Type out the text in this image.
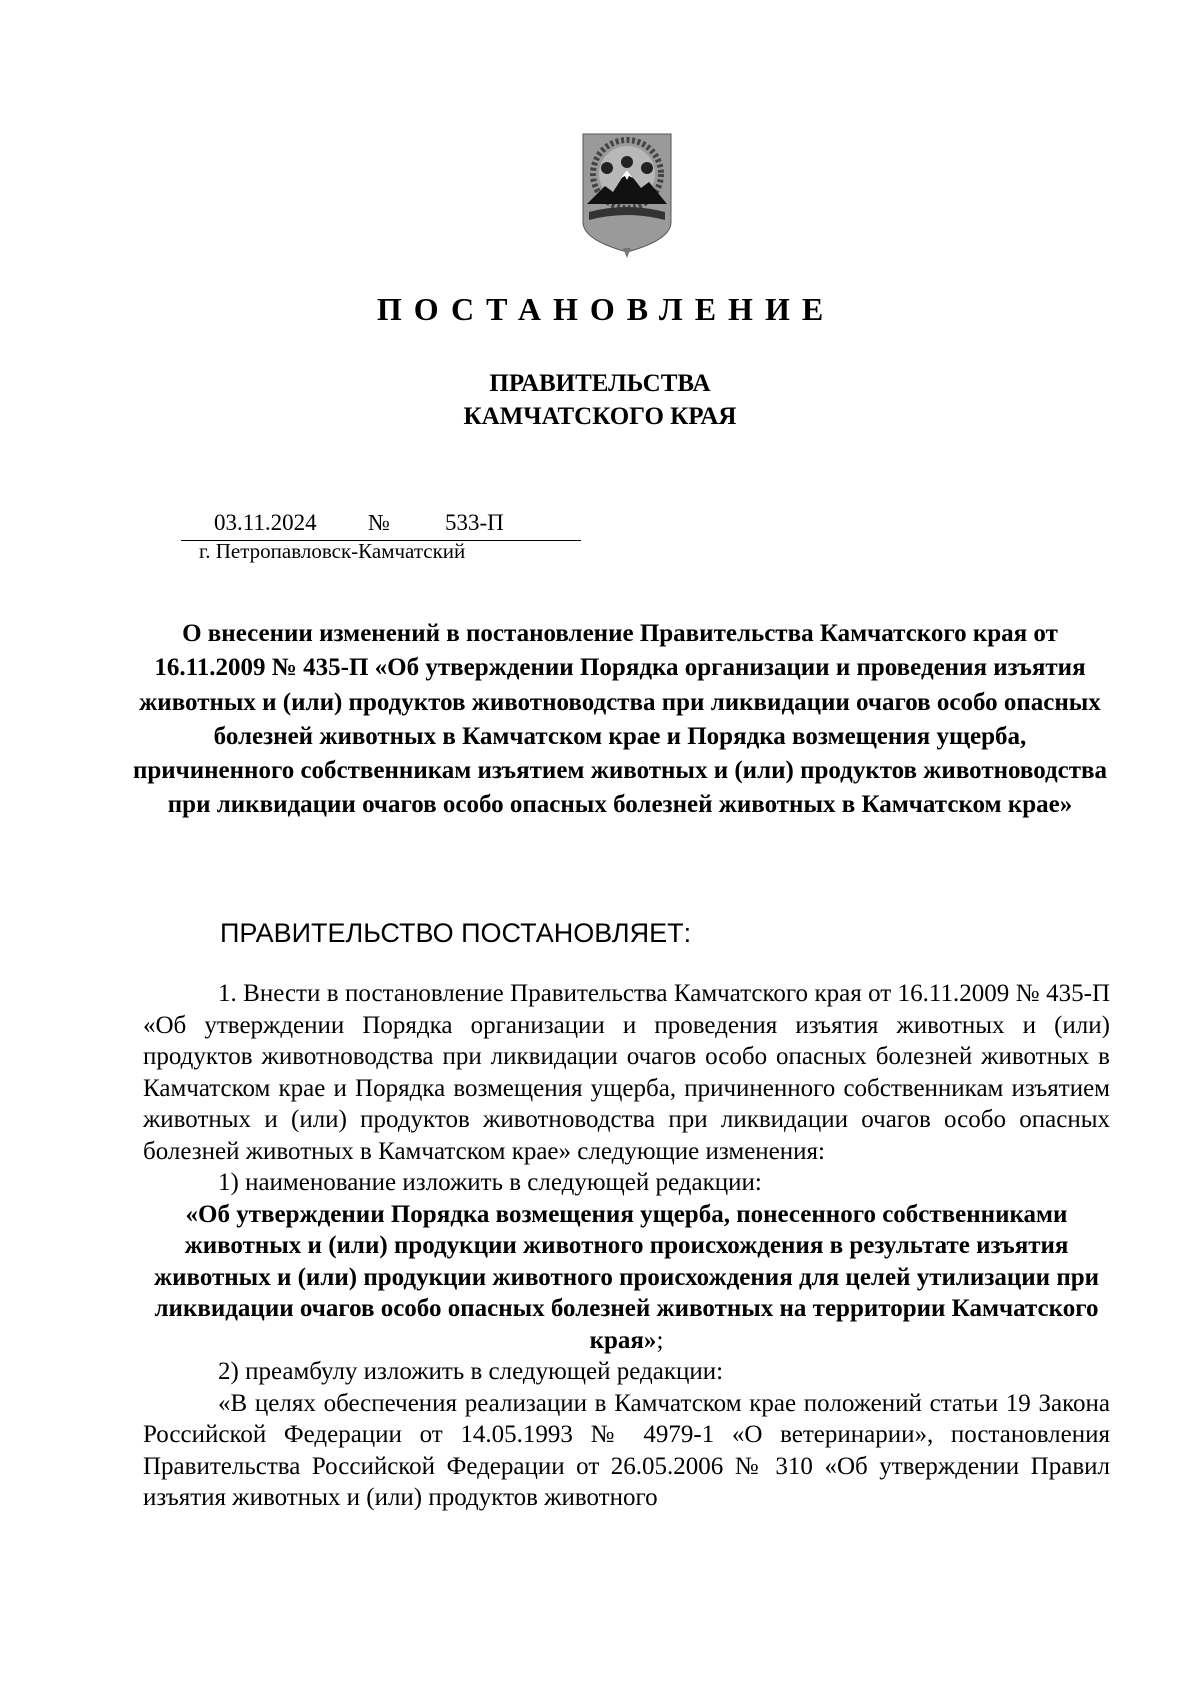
ПОСТАНОВЛЕНИЕ
ПРАВИТЕЛЬСТВА
КАМЧАТСКОГО КРАЯ
03.11.2024 № 533-П
г. Петропавловск-Камчатский
О внесении изменений в постановление Правительства Камчатского края от 16.11.2009 № 435-П «Об утверждении Порядка организации и проведения изъятия животных и (или) продуктов животноводства при ликвидации очагов особо опасных болезней животных в Камчатском крае и Порядка возмещения ущерба, причиненного собственникам изъятием животных и (или) продуктов животноводства при ликвидации очагов особо опасных болезней животных в Камчатском крае»
ПРАВИТЕЛЬСТВО ПОСТАНОВЛЯЕТ:

1. Внести в постановление Правительства Камчатского края от 16.11.2009 № 435-П «Об утверждении Порядка организации и проведения изъятия животных и (или) продуктов животноводства при ликвидации очагов особо опасных болезней животных в Камчатском крае и Порядка возмещения ущерба, причиненного собственникам изъятием животных и (или) продуктов животноводства при ликвидации очагов особо опасных болезней животных в Камчатском крае» следующие изменения:

1) наименование изложить в следующей редакции:

«Об утверждении Порядка возмещения ущерба, понесенного собственниками животных и (или) продукции животного происхождения в результате изъятия животных и (или) продукции животного происхождения для целей утилизации при ликвидации очагов особо опасных болезней животных на территории Камчатского края»;

2) преамбулу изложить в следующей редакции:

«В целях обеспечения реализации в Камчатском крае положений статьи 19 Закона Российской Федерации от 14.05.1993 № 4979-1 «О ветеринарии», постановления Правительства Российской Федерации от 26.05.2006 № 310 «Об утверждении Правил изъятия животных и (или) продуктов животного
